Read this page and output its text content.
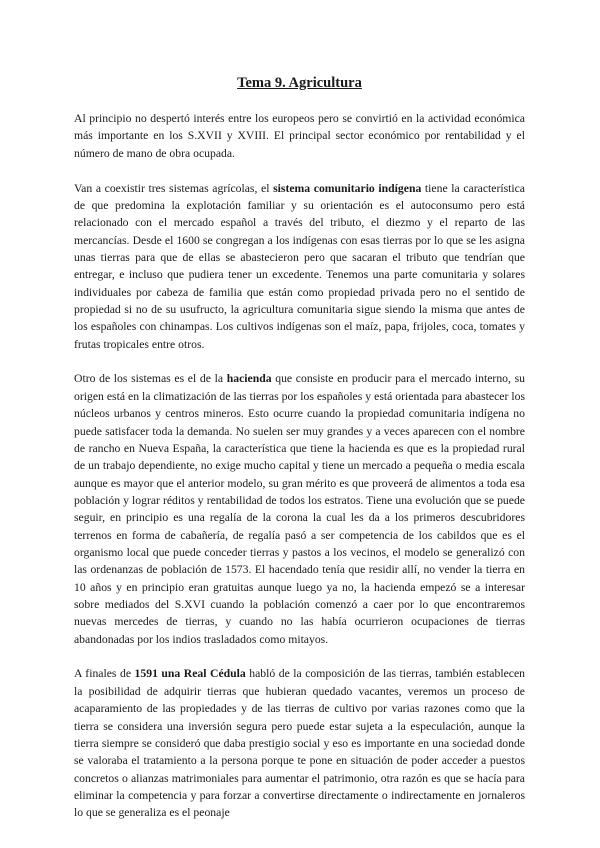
Tema 9. Agricultura

Al principio no despertó interés entre los europeos pero se convirtió en la actividad económica más importante en los S.XVII y XVIII. El principal sector económico por rentabilidad y el número de mano de obra ocupada.

Van a coexistir tres sistemas agrícolas, el sistema comunitario indígena tiene la característica de que predomina la explotación familiar y su orientación es el autoconsumo pero está relacionado con el mercado español a través del tributo, el diezmo y el reparto de las mercancías. Desde el 1600 se congregan a los indígenas con esas tierras por lo que se les asigna unas tierras para que de ellas se abastecieron pero que sacaran el tributo que tendrían que entregar, e incluso que pudiera tener un excedente. Tenemos una parte comunitaria y solares individuales por cabeza de familia que están como propiedad privada pero no el sentido de propiedad si no de su usufructo, la agricultura comunitaria sigue siendo la misma que antes de los españoles con chinampas. Los cultivos indígenas son el maíz, papa, frijoles, coca, tomates y frutas tropicales entre otros.

Otro de los sistemas es el de la hacienda que consiste en producir para el mercado interno, su origen está en la climatización de las tierras por los españoles y está orientada para abastecer los núcleos urbanos y centros mineros. Esto ocurre cuando la propiedad comunitaria indígena no puede satisfacer toda la demanda. No suelen ser muy grandes y a veces aparecen con el nombre de rancho en Nueva España, la característica que tiene la hacienda es que es la propiedad rural de un trabajo dependiente, no exige mucho capital y tiene un mercado a pequeña o media escala aunque es mayor que el anterior modelo, su gran mérito es que proveerá de alimentos a toda esa población y lograr réditos y rentabilidad de todos los estratos. Tiene una evolución que se puede seguir, en principio es una regalía de la corona la cual les da a los primeros descubridores terrenos en forma de cabañería, de regalía pasó a ser competencia de los cabildos que es el organismo local que puede conceder tierras y pastos a los vecinos, el modelo se generalizó con las ordenanzas de población de 1573. El hacendado tenía que residir allí, no vender la tierra en 10 años y en principio eran gratuitas aunque luego ya no, la hacienda empezó se a interesar sobre mediados del S.XVI cuando la población comenzó a caer por lo que encontraremos nuevas mercedes de tierras, y cuando no las había ocurrieron ocupaciones de tierras abandonadas por los indios trasladados como mitayos.

A finales de 1591 una Real Cédula habló de la composición de las tierras, también establecen la posibilidad de adquirir tierras que hubieran quedado vacantes, veremos un proceso de acaparamiento de las propiedades y de las tierras de cultivo por varias razones como que la tierra se considera una inversión segura pero puede estar sujeta a la especulación, aunque la tierra siempre se consideró que daba prestigio social y eso es importante en una sociedad donde se valoraba el tratamiento a la persona porque te pone en situación de poder acceder a puestos concretos o alianzas matrimoniales para aumentar el patrimonio, otra razón es que se hacía para eliminar la competencia y para forzar a convertirse directamente o indirectamente en jornaleros lo que se generaliza es el peonaje
